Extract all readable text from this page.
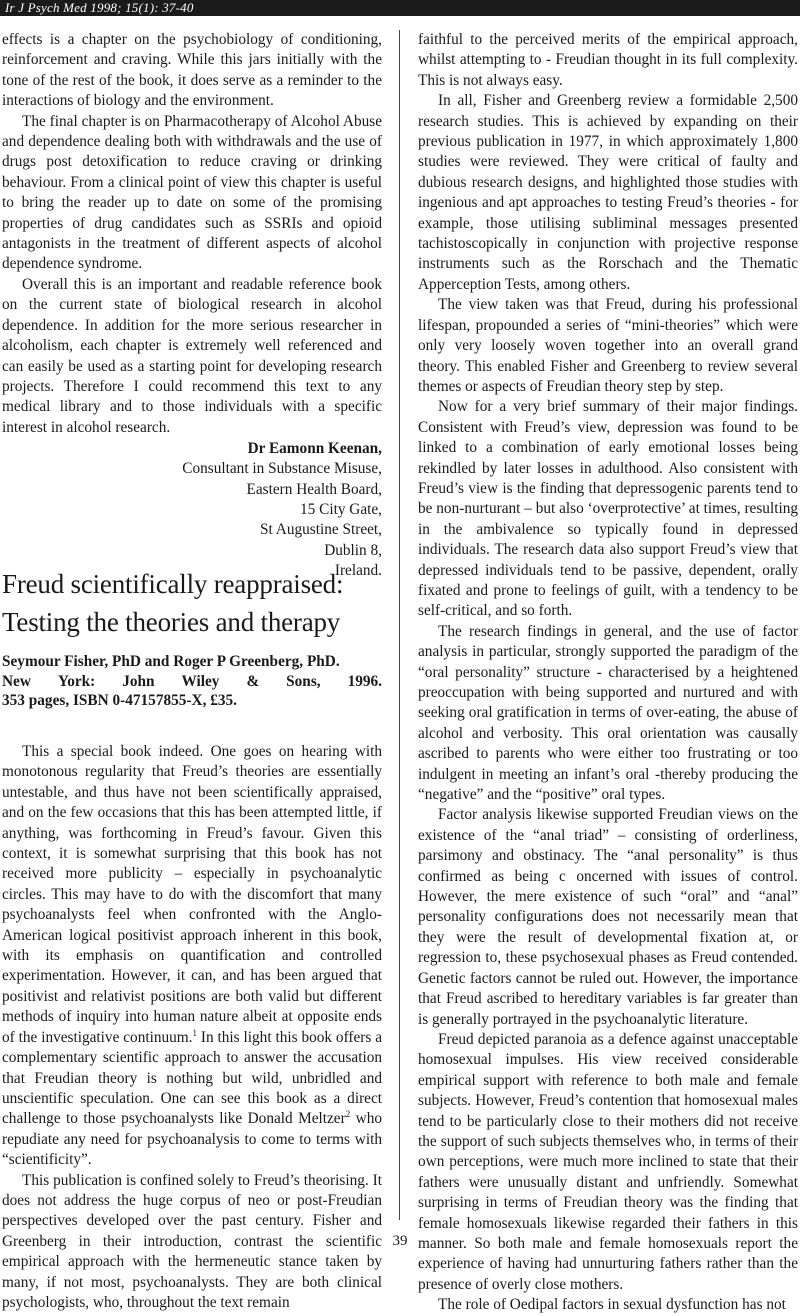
Ir J Psych Med 1998; 15(1): 37-40

effects is a chapter on the psychobiology of conditioning, reinforcement and craving. While this jars initially with the tone of the rest of the book, it does serve as a reminder to the interactions of biology and the environment.

The final chapter is on Pharmacotherapy of Alcohol Abuse and dependence dealing both with withdrawals and the use of drugs post detoxification to reduce craving or drinking behaviour. From a clinical point of view this chapter is useful to bring the reader up to date on some of the promising properties of drug candidates such as SSRIs and opioid antagonists in the treatment of different aspects of alcohol dependence syndrome.

Overall this is an important and readable reference book on the current state of biological research in alcohol dependence. In addition for the more serious researcher in alcoholism, each chapter is extremely well referenced and can easily be used as a starting point for developing research projects. Therefore I could recommend this text to any medical library and to those individuals with a specific interest in alcohol research.

Dr Eamonn Keenan,
Consultant in Substance Misuse,
Eastern Health Board,
15 City Gate,
St Augustine Street,
Dublin 8,
Ireland.
Freud scientifically reappraised:
Testing the theories and therapy
Seymour Fisher, PhD and Roger P Greenberg, PhD.
New York: John Wiley & Sons, 1996.
353 pages, ISBN 0-47157855-X, £35.

This a special book indeed. One goes on hearing with monotonous regularity that Freud’s theories are essentially untestable, and thus have not been scientifically appraised, and on the few occasions that this has been attempted little, if anything, was forthcoming in Freud’s favour. Given this context, it is somewhat surprising that this book has not received more publicity – especially in psychoanalytic circles. This may have to do with the discomfort that many psychoanalysts feel when confronted with the Anglo-American logical positivist approach inherent in this book, with its emphasis on quantification and controlled experimentation. However, it can, and has been argued that positivist and relativist positions are both valid but different methods of inquiry into human nature albeit at opposite ends of the investigative continuum.$^1$ In this light this book offers a complementary scientific approach to answer the accusation that Freudian theory is nothing but wild, unbridled and unscientific speculation. One can see this book as a direct challenge to those psychoanalysts like Donald Meltzer$^2$ who repudiate any need for psychoanalysis to come to terms with “scientificity”.

This publication is confined solely to Freud’s theorising. It does not address the huge corpus of neo or post-Freudian perspectives developed over the past century. Fisher and Greenberg in their introduction, contrast the scientific empirical approach with the hermeneutic stance taken by many, if not most, psychoanalysts. They are both clinical psychologists, who, throughout the text remain

faithful to the perceived merits of the empirical approach, whilst attempting to - Freudian thought in its full complexity. This is not always easy.

In all, Fisher and Greenberg review a formidable 2,500 research studies. This is achieved by expanding on their previous publication in 1977, in which approximately 1,800 studies were reviewed. They were critical of faulty and dubious research designs, and highlighted those studies with ingenious and apt approaches to testing Freud’s theories - for example, those utilising subliminal messages presented tachistoscopically in conjunction with projective response instruments such as the Rorschach and the Thematic Apperception Tests, among others.

The view taken was that Freud, during his professional lifespan, propounded a series of “mini-theories” which were only very loosely woven together into an overall grand theory. This enabled Fisher and Greenberg to review several themes or aspects of Freudian theory step by step.

Now for a very brief summary of their major findings. Consistent with Freud’s view, depression was found to be linked to a combination of early emotional losses being rekindled by later losses in adulthood. Also consistent with Freud’s view is the finding that depressogenic parents tend to be non-nurturant – but also ‘overprotective’ at times, resulting in the ambivalence so typically found in depressed individuals. The research data also support Freud’s view that depressed individuals tend to be passive, dependent, orally fixated and prone to feelings of guilt, with a tendency to be self-critical, and so forth.

The research findings in general, and the use of factor analysis in particular, strongly supported the paradigm of the “oral personality” structure - characterised by a heightened preoccupation with being supported and nurtured and with seeking oral gratification in terms of over-eating, the abuse of alcohol and verbosity. This oral orientation was causally ascribed to parents who were either too frustrating or too indulgent in meeting an infant’s oral -thereby producing the “negative” and the “positive” oral types.

Factor analysis likewise supported Freudian views on the existence of the “anal triad” – consisting of orderliness, parsimony and obstinacy. The “anal personality” is thus confirmed as being c oncerned with issues of control. However, the mere existence of such “oral” and “anal” personality configurations does not necessarily mean that they were the result of developmental fixation at, or regression to, these psychosexual phases as Freud contended. Genetic factors cannot be ruled out. However, the importance that Freud ascribed to hereditary variables is far greater than is generally portrayed in the psychoanalytic literature.

Freud depicted paranoia as a defence against unacceptable homosexual impulses. His view received considerable empirical support with reference to both male and female subjects. However, Freud’s contention that homosexual males tend to be particularly close to their mothers did not receive the support of such subjects themselves who, in terms of their own perceptions, were much more inclined to state that their fathers were unusually distant and unfriendly. Somewhat surprising in terms of Freudian theory was the finding that female homosexuals likewise regarded their fathers in this manner. So both male and female homosexuals report the experience of having had unnurturing fathers rather than the presence of overly close mothers.

The role of Oedipal factors in sexual dysfunction has not

39
